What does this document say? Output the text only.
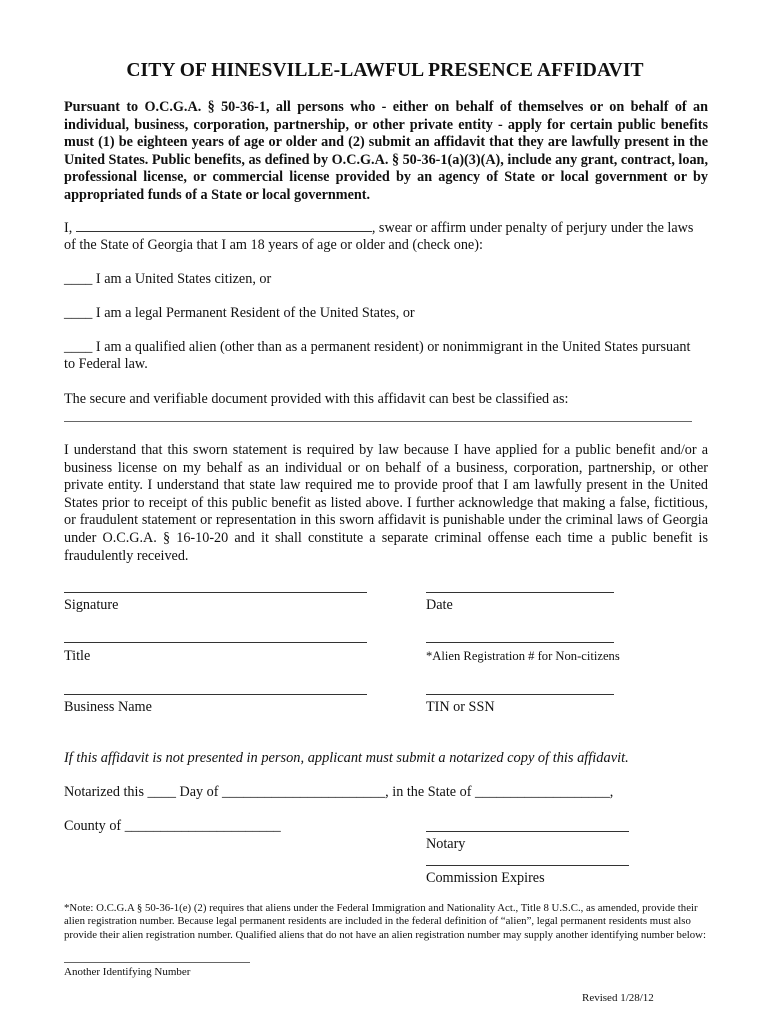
CITY OF HINESVILLE-LAWFUL PRESENCE AFFIDAVIT
Pursuant to O.C.G.A. § 50-36-1, all persons who - either on behalf of themselves or on behalf of an individual, business, corporation, partnership, or other private entity - apply for certain public benefits must (1) be eighteen years of age or older and (2) submit an affidavit that they are lawfully present in the United States. Public benefits, as defined by O.C.G.A. § 50-36-1(a)(3)(A), include any grant, contract, loan, professional license, or commercial license provided by an agency of State or local government or by appropriated funds of a State or local government.
I,	, swear or affirm under penalty of perjury under the laws
of the State of Georgia that I am 18 years of age or older and (check one):
____ I am a United States citizen, or
____ I am a legal Permanent Resident of the United States, or
____ I am a qualified alien (other than as a permanent resident) or nonimmigrant in the United States pursuant
to Federal law.
The secure and verifiable document provided with this affidavit can best be classified as:
I understand that this sworn statement is required by law because I have applied for a public benefit and/or a business license on my behalf as an individual or on behalf of a business, corporation, partnership, or other private entity. I understand that state law required me to provide proof that I am lawfully present in the United States prior to receipt of this public benefit as listed above. I further acknowledge that making a false, fictitious, or fraudulent statement or representation in this sworn affidavit is punishable under the criminal laws of Georgia under O.C.G.A. § 16-10-20 and it shall constitute a separate criminal offense each time a public benefit is fraudulently received.
Signature	Date
Title	*Alien Registration # for Non-citizens
Business Name	TIN or SSN
If this affidavit is not presented in person, applicant must submit a notarized copy of this affidavit.
Notarized this ____ Day of _______________________, in the State of ___________________,
County of ______________________
Notary
Commission Expires
*Note: O.C.G.A § 50-36-1(e) (2) requires that aliens under the Federal Immigration and Nationality Act., Title 8 U.S.C., as amended, provide their alien registration number. Because legal permanent residents are included in the federal definition of “alien”, legal permanent residents must also provide their alien registration number. Qualified aliens that do not have an alien registration number may supply another identifying number below:
Another Identifying Number
Revised 1/28/12
